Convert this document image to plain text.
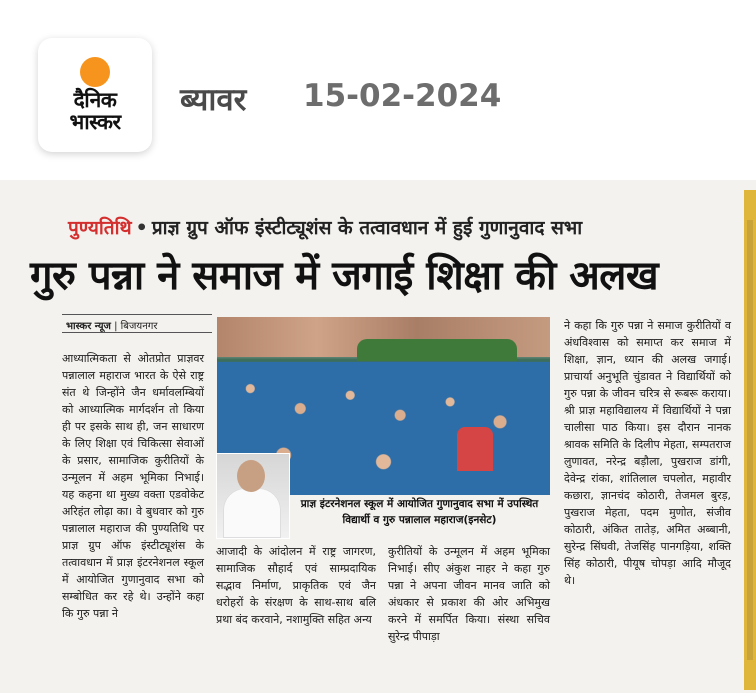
दैनिक
भास्कर
ब्यावर 15-02-2024
पुण्यतिथि • प्राज्ञ ग्रुप ऑफ इंस्टीट्यूशंस के तत्वावधान में हुई गुणानुवाद सभा
गुरु पन्ना ने समाज में जगाई शिक्षा की अलख
भास्कर न्यूज | बिजयनगर
प्राज्ञ इंटरनेशनल स्कूल में आयोजित गुणानुवाद सभा में उपस्थित विद्यार्थी व गुरु पन्नालाल महाराज(इनसेट)
आध्यात्मिकता से ओतप्रोत प्राज्ञवर पन्नालाल महाराज भारत के ऐसे राष्ट्र संत थे जिन्होंने जैन धर्मावलम्बियों को आध्यात्मिक मार्गदर्शन तो किया ही पर इसके साथ ही, जन साधारण के लिए शिक्षा एवं चिकित्सा सेवाओं के प्रसार, सामाजिक कुरीतियों के उन्मूलन में अहम भूमिका निभाई। यह कहना था मुख्य वक्ता एडवोकेट अरिहंत लोढ़ा का। वे बुधवार को गुरु पन्नालाल महाराज की पुण्यतिथि पर प्राज्ञ ग्रुप ऑफ इंस्टीट्यूशंस के तत्वावधान में प्राज्ञ इंटरनेशनल स्कूल में आयोजित गुणानुवाद सभा को सम्बोधित कर रहे थे। उन्होंने कहा कि गुरु पन्ना ने
आजादी के आंदोलन में राष्ट्र जागरण, सामाजिक सौहार्द एवं साम्प्रदायिक सद्भाव निर्माण, प्राकृतिक एवं जैन धरोहरों के संरक्षण के साथ-साथ बलि प्रथा बंद करवाने, नशामुक्ति सहित अन्य
कुरीतियों के उन्मूलन में अहम भूमिका निभाई। सीए अंकुश नाहर ने कहा गुरु पन्ना ने अपना जीवन मानव जाति को अंधकार से प्रकाश की ओर अभिमुख करने में समर्पित किया। संस्था सचिव सुरेन्द्र पीपाड़ा
ने कहा कि गुरु पन्ना ने समाज कुरीतियों व अंधविश्वास को समाप्त कर समाज में शिक्षा, ज्ञान, ध्यान की अलख जगाई। प्राचार्या अनुभूति चुंडावत ने विद्यार्थियों को गुरु पन्ना के जीवन चरित्र से रूबरू कराया। श्री प्राज्ञ महाविद्यालय में विद्यार्थियों ने पन्ना चालीसा पाठ किया। इस दौरान नानक श्रावक समिति के दिलीप मेहता, सम्पतराज लुणावत, नरेन्द्र बड़ौला, पुखराज डांगी, देवेन्द्र रांका, शांतिलाल चपलोत, महावीर कछारा, ज्ञानचंद कोठारी, तेजमल बुरड़, पुखराज मेहता, पदम मुणोत, संजीव कोठारी, अंकित तातेड़, अमित अब्बानी, सुरेन्द्र सिंघवी, तेजसिंह पानगड़िया, शक्ति सिंह कोठारी, पीयूष चोपड़ा आदि मौजूद थे।
